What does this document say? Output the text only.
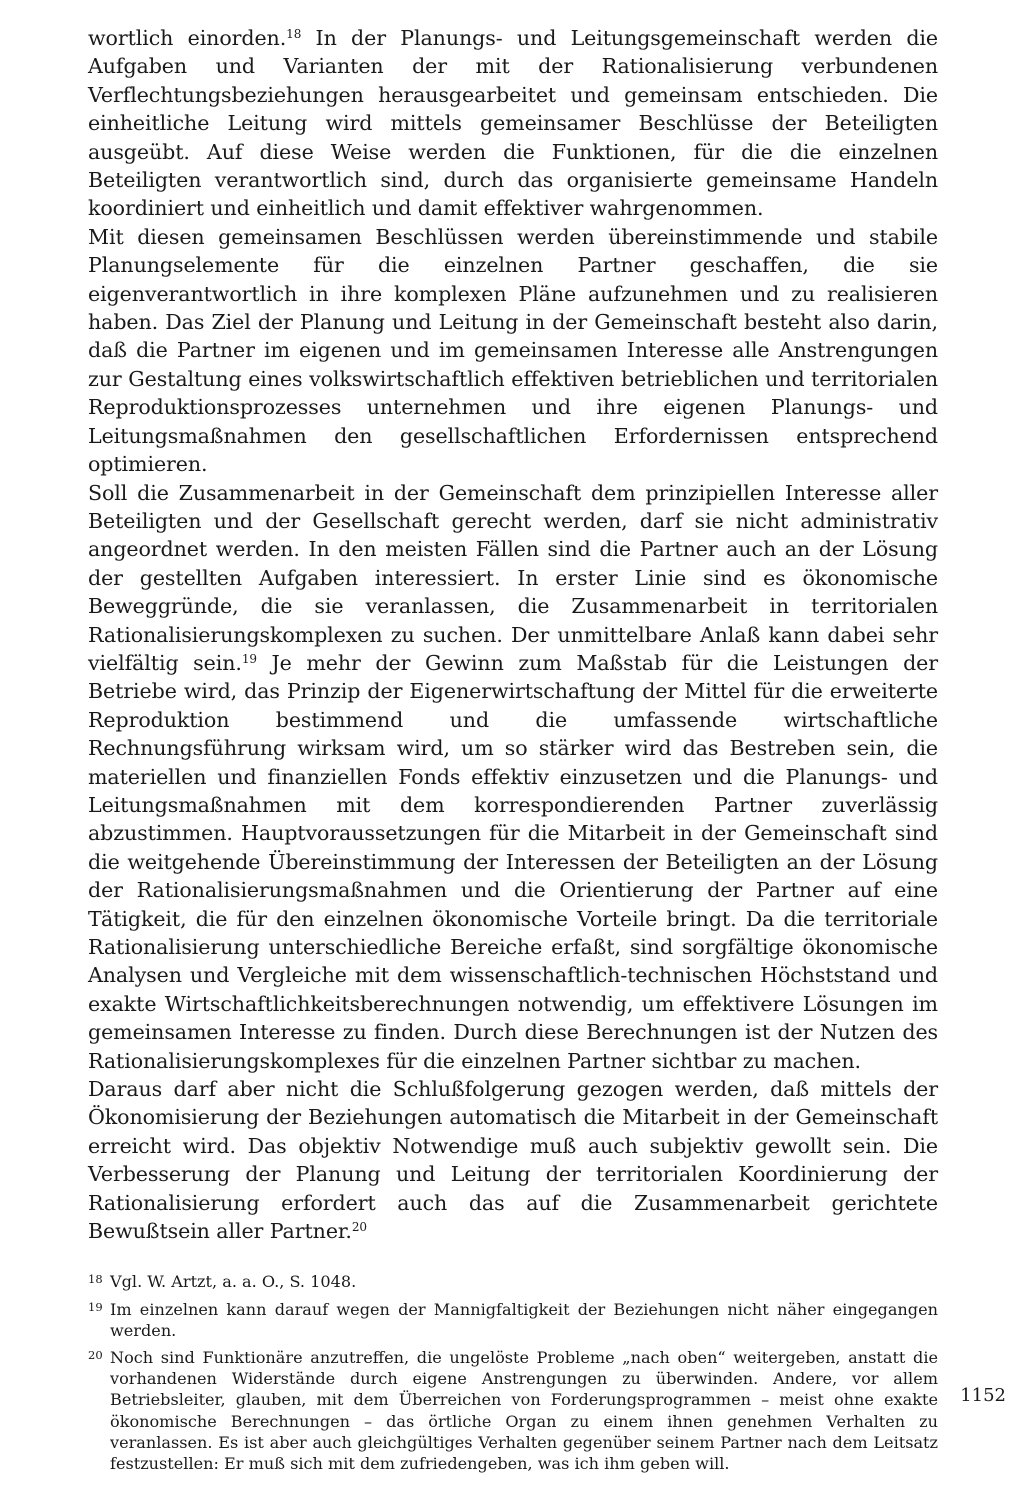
wortlich einorden.$^{18}$ In der Planungs- und Leitungsgemeinschaft werden die Aufgaben und Varianten der mit der Rationalisierung verbundenen Verflechtungsbeziehungen herausgearbeitet und gemeinsam entschieden. Die einheitliche Leitung wird mittels gemeinsamer Beschlüsse der Beteiligten ausgeübt. Auf diese Weise werden die Funktionen, für die die einzelnen Beteiligten verantwortlich sind, durch das organisierte gemeinsame Handeln koordiniert und einheitlich und damit effektiver wahrgenommen.

Mit diesen gemeinsamen Beschlüssen werden übereinstimmende und stabile Planungselemente für die einzelnen Partner geschaffen, die sie eigenverantwortlich in ihre komplexen Pläne aufzunehmen und zu realisieren haben. Das Ziel der Planung und Leitung in der Gemeinschaft besteht also darin, daß die Partner im eigenen und im gemeinsamen Interesse alle Anstrengungen zur Gestaltung eines volkswirtschaftlich effektiven betrieblichen und territorialen Reproduktionsprozesses unternehmen und ihre eigenen Planungs- und Leitungsmaßnahmen den gesellschaftlichen Erfordernissen entsprechend optimieren.

Soll die Zusammenarbeit in der Gemeinschaft dem prinzipiellen Interesse aller Beteiligten und der Gesellschaft gerecht werden, darf sie nicht administrativ angeordnet werden. In den meisten Fällen sind die Partner auch an der Lösung der gestellten Aufgaben interessiert. In erster Linie sind es ökonomische Beweggründe, die sie veranlassen, die Zusammenarbeit in territorialen Rationalisierungskomplexen zu suchen. Der unmittelbare Anlaß kann dabei sehr vielfältig sein.$^{19}$ Je mehr der Gewinn zum Maßstab für die Leistungen der Betriebe wird, das Prinzip der Eigenerwirtschaftung der Mittel für die erweiterte Reproduktion bestimmend und die umfassende wirtschaftliche Rechnungsführung wirksam wird, um so stärker wird das Bestreben sein, die materiellen und finanziellen Fonds effektiv einzusetzen und die Planungs- und Leitungsmaßnahmen mit dem korrespondierenden Partner zuverlässig abzustimmen. Hauptvoraussetzungen für die Mitarbeit in der Gemeinschaft sind die weitgehende Übereinstimmung der Interessen der Beteiligten an der Lösung der Rationalisierungsmaßnahmen und die Orientierung der Partner auf eine Tätigkeit, die für den einzelnen ökonomische Vorteile bringt. Da die territoriale Rationalisierung unterschiedliche Bereiche erfaßt, sind sorgfältige ökonomische Analysen und Vergleiche mit dem wissenschaftlich-technischen Höchststand und exakte Wirtschaftlichkeitsberechnungen notwendig, um effektivere Lösungen im gemeinsamen Interesse zu finden. Durch diese Berechnungen ist der Nutzen des Rationalisierungskomplexes für die einzelnen Partner sichtbar zu machen.

Daraus darf aber nicht die Schlußfolgerung gezogen werden, daß mittels der Ökonomisierung der Beziehungen automatisch die Mitarbeit in der Gemeinschaft erreicht wird. Das objektiv Notwendige muß auch subjektiv gewollt sein. Die Verbesserung der Planung und Leitung der territorialen Koordinierung der Rationalisierung erfordert auch das auf die Zusammenarbeit gerichtete Bewußtsein aller Partner.$^{20}$

18 Vgl. W. Artzt, a. a. O., S. 1048.
19 Im einzelnen kann darauf wegen der Mannigfaltigkeit der Beziehungen nicht näher eingegangen werden.
20 Noch sind Funktionäre anzutreffen, die ungelöste Probleme „nach oben“ weitergeben, anstatt die vorhandenen Widerstände durch eigene Anstrengungen zu überwinden. Andere, vor allem Betriebsleiter, glauben, mit dem Überreichen von Forderungsprogrammen – meist ohne exakte ökonomische Berechnungen – das örtliche Organ zu einem ihnen genehmen Verhalten zu veranlassen. Es ist aber auch gleichgültiges Verhalten gegenüber seinem Partner nach dem Leitsatz festzustellen: Er muß sich mit dem zufriedengeben, was ich ihm geben will.
1152
